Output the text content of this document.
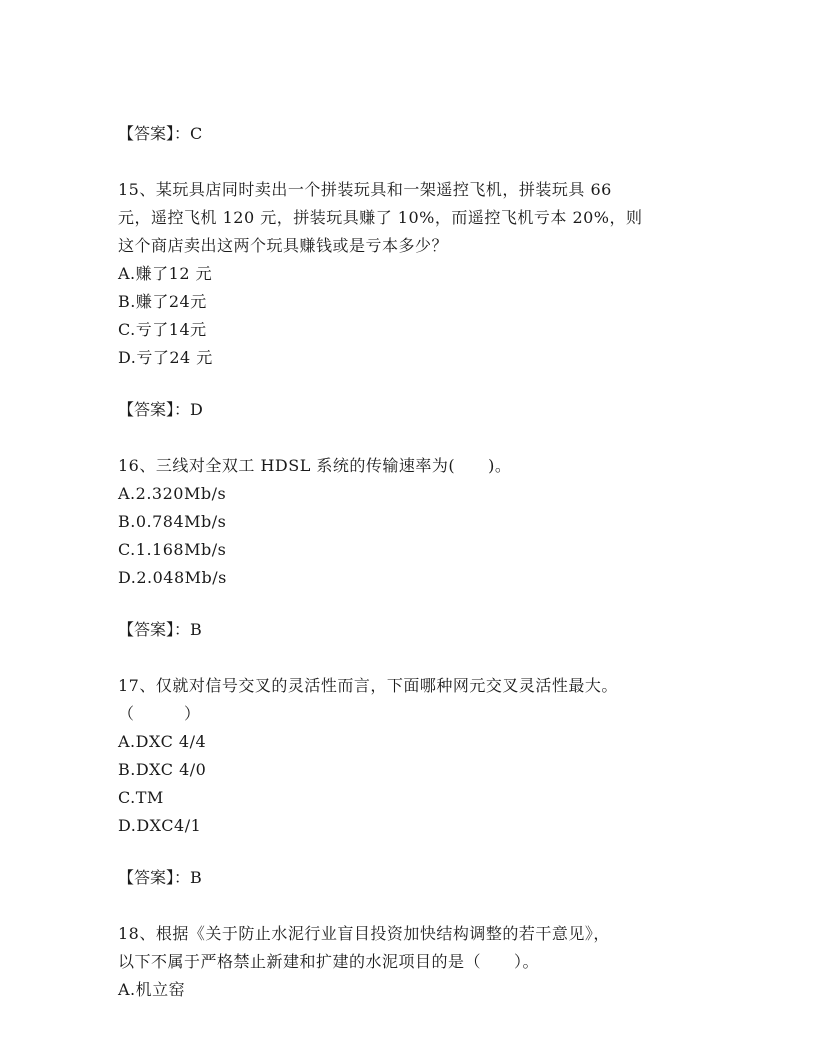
【答案】：C
15、某玩具店同时卖出一个拼装玩具和一架遥控飞机，拼装玩具 66
元，遥控飞机 120 元，拼装玩具赚了 10%，而遥控飞机亏本 20%，则
这个商店卖出这两个玩具赚钱或是亏本多少？
A.赚了12 元
B.赚了24元
C.亏了14元
D.亏了24 元
【答案】：D
16、三线对全双工 HDSL 系统的传输速率为(　　)。
A.2.320Mb/s
B.0.784Mb/s
C.1.168Mb/s
D.2.048Mb/s
【答案】：B
17、仅就对信号交叉的灵活性而言，下面哪种网元交叉灵活性最大。
（　　　）
A.DXC 4/4
B.DXC 4/0
C.TM
D.DXC4/1
【答案】：B
18、根据《关于防止水泥行业盲目投资加快结构调整的若干意见》，
以下不属于严格禁止新建和扩建的水泥项目的是（　　）。
A.机立窑
